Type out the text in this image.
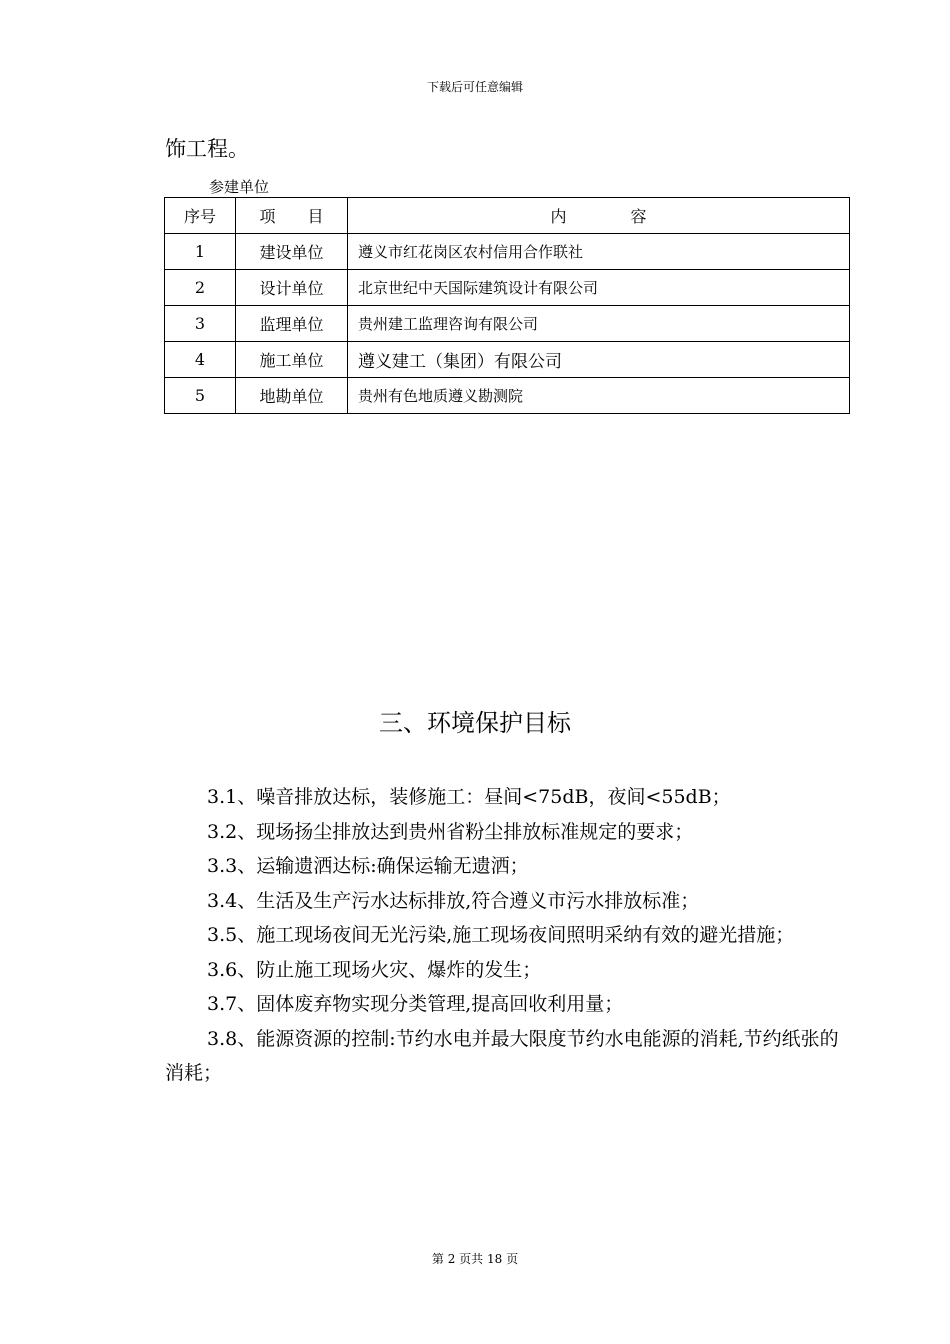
下载后可任意编辑
饰工程。
参建单位
序号	项　　目	内　　　　容
1	建设单位	遵义市红花岗区农村信用合作联社
2	设计单位	北京世纪中天国际建筑设计有限公司
3	监理单位	贵州建工监理咨询有限公司
4	施工单位	遵义建工（集团）有限公司
5	地勘单位	贵州有色地质遵义勘测院
三、环境保护目标

3.1、噪音排放达标，装修施工：昼间<75dB，夜间<55dB；

3.2、现场扬尘排放达到贵州省粉尘排放标准规定的要求；

3.3、运输遗洒达标:确保运输无遗洒；

3.4、生活及生产污水达标排放,符合遵义市污水排放标准；

3.5、施工现场夜间无光污染,施工现场夜间照明采纳有效的避光措施；

3.6、防止施工现场火灾、爆炸的发生；

3.7、固体废弃物实现分类管理,提高回收利用量；

3.8、能源资源的控制:节约水电并最大限度节约水电能源的消耗,节约纸张的消耗；

第 2 页共 18 页
